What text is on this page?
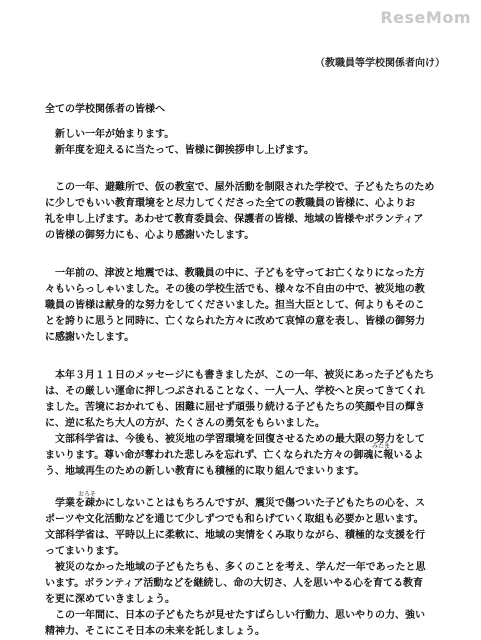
ReseMom
（教職員等学校関係者向け）
全ての学校関係者の皆様へ

新しい一年が始まります。

新年度を迎えるに当たって、皆様に御挨拶申し上げます。

この一年、避難所で、仮の教室で、屋外活動を制限された学校で、子どもたちのため

に少しでもいい教育環境をと尽力してくださった全ての教職員の皆様に、心よりお

礼を申し上げます。あわせて教育委員会、保護者の皆様、地域の皆様やボランティア

の皆様の御努力にも、心より感謝いたします。

一年前の、津波と地震では、教職員の中に、子どもを守ってお亡くなりになった方

々もいらっしゃいました。その後の学校生活でも、様々な不自由の中で、被災地の教

職員の皆様は献身的な努力をしてくださいました。担当大臣として、何よりもそのこ

とを誇りに思うと同時に、亡くなられた方々に改めて哀悼の意を表し、皆様の御努力

に感謝いたします。

本年３月１１日のメッセージにも書きましたが、この一年、被災にあった子どもたち

は、その厳しい運命に押しつぶされることなく、一人一人、学校へと戻ってきてくれ

ました。苦境におかれても、困難に屈せず頑張り続ける子どもたちの笑顔や目の輝き

に、逆に私たち大人の方が、たくさんの勇気をもらいました。

文部科学省は、今後も、被災地の学習環境を回復させるための最大限の努力をして

まいります。尊い命が奪われた悲しみを忘れず、亡くなられた方々の御魂に報いるよ

う、地域再生のための新しい教育にも積極的に取り組んでまいります。

みたま
おろそ

学業を疎かにしないことはもちろんですが、震災で傷ついた子どもたちの心を、ス

ポーツや文化活動などを通じて少しずつでも和らげていく取組も必要かと思います。

文部科学省は、平時以上に柔軟に、地域の実情をくみ取りながら、積極的な支援を行

ってまいります。

被災のなかった地域の子どもたちも、多くのことを考え、学んだ一年であったと思

います。ボランティア活動などを継続し、命の大切さ、人を思いやる心を育てる教育

を更に深めていきましょう。

この一年間に、日本の子どもたちが見せたすばらしい行動力、思いやりの力、強い

精神力、そこにこそ日本の未来を託しましょう。
